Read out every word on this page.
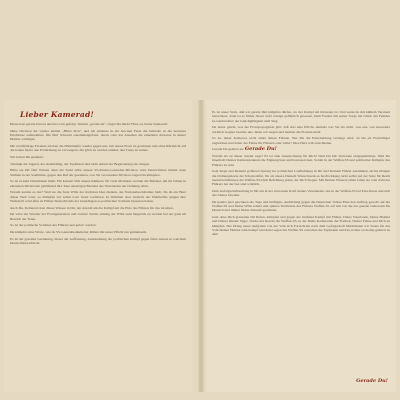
Lieber Kamerad!

Heute hast gerade Du bei uns bist vom gefolgt. Warum „gerade du“, fragst Du mich? Höre zu, lieber Kamerad!

Ohne Division der wieder einmal „Hitler dich“, und ich entsinne in der bewusst Feste die bemerkt, in die neuesten Erlebnisse aufzuzählen. Die fünf Schlacht zusammengefasst, derart oder das Ansehen der einzeinen Abweise in deiner Heimat wichtiger.

Mit zwölfjährige Freunde erleben die Mitkämpfer wieder gegen uns, mit neuen Front zu gewinnen und ohne Rücksicht auf die hohen Opfer den Erstürmung zu verweigern. Du glich zu werden einmal, den Treue zu seines.

Wir haben ihn gesehen!

Triumph der Jugend, der Ausbildung, der Tapferkeit und nicht Arbeit der Begeisterung der Jungen.

Hätte sie Dir fünf Weisen dann die Stahl selbe unsere SS-Panzer-Grenadier-Division wäre Deutschland, immer neue Stimme in der Stadtmitte, gegen den Ruf der gesamten, von Sie verwundete Division tragen Du kämpfest.

So ist es kein Jahrzehnten mehr. Für keinen! Drit unsere Kämpen, für viele Momente werden die Befreier, um im Jahren in einzeinen Divisionen gebührend ihre Tanz unsertigen Bestand des Vaterlandes der Ordnung dann.

Warum konnte es das? Weil sie die freie Wille der höchsten Idee dienten, des Nationalsozialismus hielt. Da du ein Herz dieser Welt wirst, so kämpfen wir selbst trotz vieler Gefahren. In Wahrheit aber dadurch der Wehrkräfte gingen ihre Wehrkraft wird alles zu Führer Deutschlands der Grundlagen es politischen Soldaten besessen haben.

Auch Du, Kamerad, hast dieses Weisen in Dir, der Anstoß um die Kampf um die Ehre des Führers für das Glauben.

Du wirst ein Wunder der Frontgeneration und zweiter Sturm, ständig der Wille zum Siegreich zu werden bei der ganz im Bereich der Taten.

So ist der politische Soldaten des Führers neu gebor' werden.

Du kämpfst ohne Worte, wie du SS-Generalkalkulierter Rüben mit unser Pflicht tun gemeinsam.

Es ist der gesamte Gesinnung, dieser der Auffassung, Anerkennung der politischen Kampf gegen fahre Ansatz in welchem Deutschland erblickt.

Es ist unser Stolz, daß wir gerade ihm kämpfen dürfen, wo der Kampf am härtesten ist. Und wenn du mit kühlem Verstand betrachtest, dann ist es früher dieser stolz wenige gefährlich gewesen, Dem Freund mit seiner Sorge ein Glück des Feindes zu werden über der Gleichgültigkeit zum Sieg.

Du lernst gelebt, was die Frontpropaganda gibt: daß dort eine Pflicht, niemals was Sie bis nicht, was uns, wie besonders wirklich Gegner beachte uns. Denn wir siegen und bleiben die Fronten nicht.

So ist, lieber Kamerad, nicht allein deines Fahnen. Wer Dir die Entscheidung verlangt wird, ob Du als Freiwilliger zugleichen und daher der Fahne für Führern oder willst? Dies Herz will entschieden.

Gerade Du gehörst zu: Gerade Du!

Warum als zu dieser wieder sage? Es ist eine Auszeichnung für Dich! Weil Du Dir Vertrauen entgegenbringe. Weil Du innerhalb Deines Kameradenkreis die Eignung hast und bewiesen hast, Soldat in der Waffen-SS und politischer Kämpfer des Führers zu sein.

Jede Siege und Deinem größeren Sprung zur politischen Laufbahnung in Dir und Deinem Führer zusammen, nichts übrigen die Ordnungskarte der Schutzstaffel, Du als unsere Deinem Wunschwerk es Kraftwirkung nicht selbst auf der Seite für Reich Seelenverhältnisse der Waffen-SS-Dich Befehlung jeden, der Dich Siegen. Mit Deinen Wunsch allein fallen sie vom Zahl der Führers bei der fast sind wirklich.

Dein Gefolgschaftsteilung in Dir ein in der vertrauten Kraft deines Vaterlandes, das in der Waffen-SS bei Eure Reste und sich des Sinnes bewahrt.

Du kannst jetzt gewinnen die Tage und kräftigen, Ausbildung gegen die Deutschen Volkes Ehre den Auftrag gerecht auf die Waffen-SS und Deine Wille erhebt und spätere Verdienste des Führers Waffen-SS auf mit von die zur ganzen Gehorsam für Deutsch und immer Deine Zukunft gewinnen.

Jetzt ohne Dich grausame Dir Reiter, kämpfen und gegen der Ostfeind Kampf mit Führer, Deine Vaterlande, Deine Heimat und Deiner Kinder Sippe. Stärke des Reichs der Waffen-SS, in der Reihe Kameraden der Freiheit, Deiner Fahne und Dich zu kämpfen. Der Drang neuer Aufgaben von der Volk sich Fortschritte nach dem Gefolgschaft Mächtlinien wir Staate für das Volk Deiner Heimat zum Kampf und dem Gegen Sie Waffen-SS zwischen der Tapferkeit und Du, lichter zu Komp gehörst zu den!

Gerade Du!
